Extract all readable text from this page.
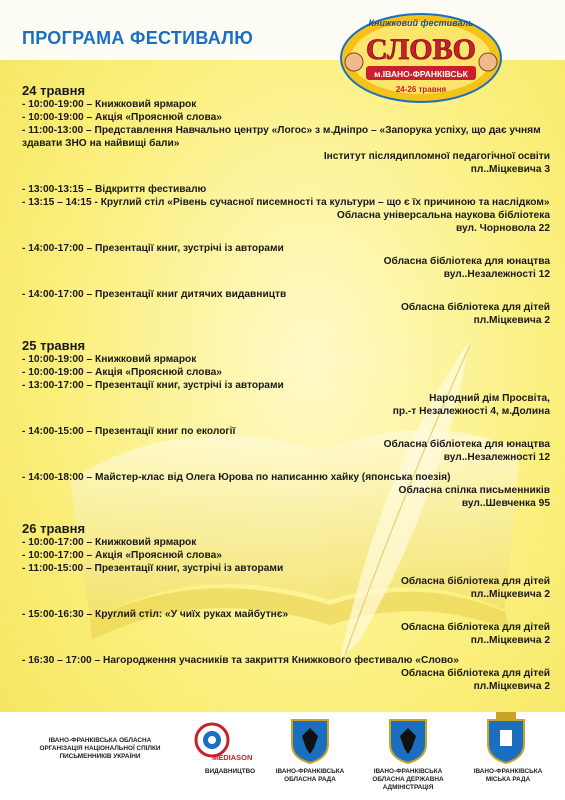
ПРОГРАМА ФЕСТИВАЛЮ
Книжковий фестиваль
СЛОВО
м.ІВАНО-ФРАНКІВСЬК
24-26 травня
24 травня
- 10:00-19:00 – Книжковий ярмарок
- 10:00-19:00 – Акція «Прояснюй слова»
- 11:00-13:00 – Представлення Навчально центру «Логос» з м.Дніпро – «Запорука успіху, що дає учням здавати ЗНО на найвищі бали»
Інститут післядипломної педагогічної освіти
пл..Міцкевича 3
- 13:00-13:15 – Відкриття фестивалю
- 13:15 – 14:15 - Круглий стіл «Рівень сучасної писемності та культури – що є їх причиною та наслідком»
Обласна універсальна наукова бібліотека
вул. Чорновола 22
- 14:00-17:00 – Презентації книг, зустрічі із авторами
Обласна бібліотека для юнацтва
вул..Незалежності 12
- 14:00-17:00 – Презентації книг дитячих видавництв
Обласна бібліотека для дітей
пл.Міцкевича 2
25 травня
- 10:00-19:00 – Книжковий ярмарок
- 10:00-19:00 – Акція «Прояснюй слова»
- 13:00-17:00 – Презентації книг, зустрічі із авторами
Народний дім Просвіта,
пр.-т Незалежності 4, м.Долина
- 14:00-15:00 – Презентації книг по екології
Обласна бібліотека для юнацтва
вул..Незалежності 12
- 14:00-18:00 – Майстер-клас від Олега Юрова по написанню хайку (японська поезія)
Обласна спілка письменників
вул..Шевченка 95
26 травня
- 10:00-17:00 – Книжковий ярмарок
- 10:00-17:00 – Акція «Прояснюй слова»
- 11:00-15:00 – Презентації книг, зустрічі із авторами
Обласна бібліотека для дітей
пл..Міцкевича 2
- 15:00-16:30 – Круглий стіл: «У чиїх руках майбутнє»
Обласна бібліотека для дітей
пл..Міцкевича 2
- 16:30 – 17:00 – Нагородження учасників та закриття Книжкового фестивалю «Слово»
Обласна бібліотека для дітей
пл.Міцкевича 2
ІВАНО-ФРАНКІВСЬКА ОБЛАСНА ОРГАНІЗАЦІЯ НАЦІОНАЛЬНОЇ СПІЛКИ ПИСЬМЕННИКІВ УКРАЇНИ	MEDIASON
ВИДАВНИЦТВО	ІВАНО-ФРАНКІВСЬКА ОБЛАСНА РАДА
ІВАНО-ФРАНКІВСЬКА ОБЛАСНА ДЕРЖАВНА АДМІНІСТРАЦІЯ
ІВАНО-ФРАНКІВСЬКА МІСЬКА РАДА
